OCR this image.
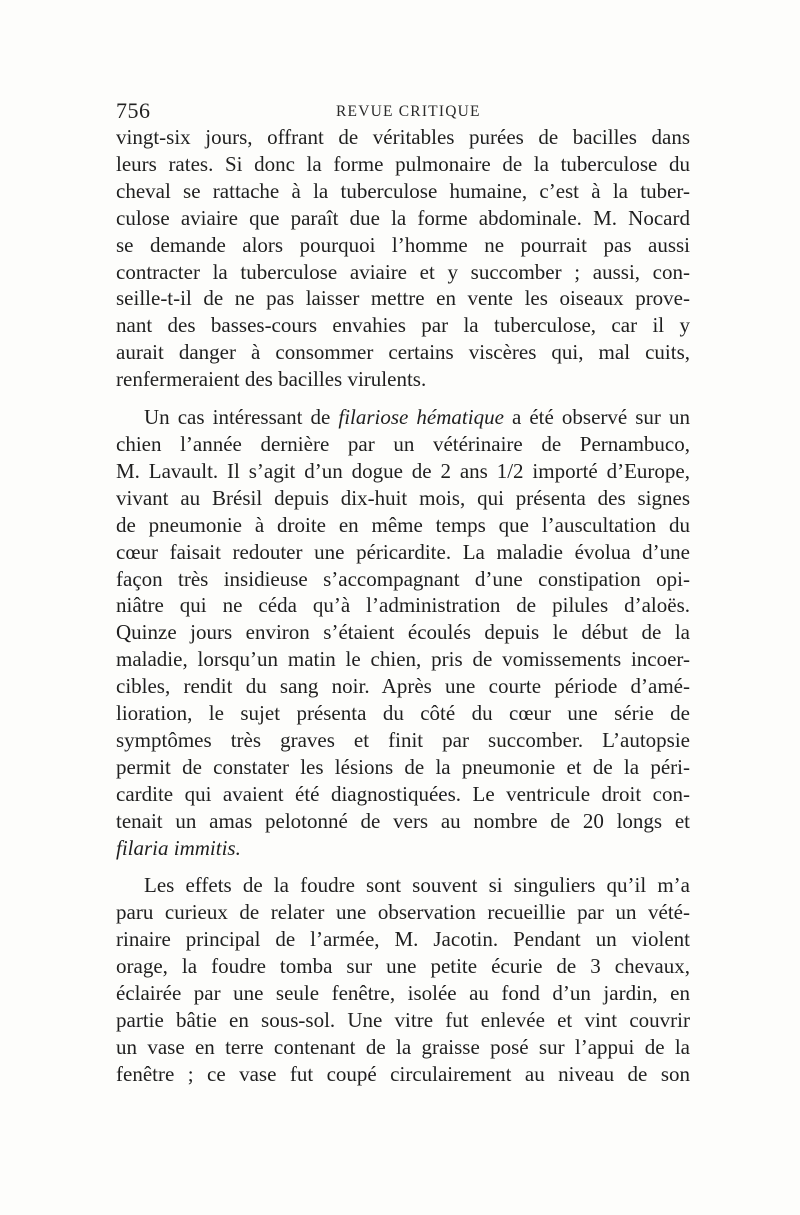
756	REVUE CRITIQUE

vingt-six jours, offrant de véritables purées de bacilles dans
leurs rates. Si donc la forme pulmonaire de la tuberculose du
cheval se rattache à la tuberculose humaine, c’est à la tuber-
culose aviaire que paraît due la forme abdominale. M. Nocard
se demande alors pourquoi l’homme ne pourrait pas aussi
contracter la tuberculose aviaire et y succomber ; aussi, con-
seille-t-il de ne pas laisser mettre en vente les oiseaux prove-
nant des basses-cours envahies par la tuberculose, car il y
aurait danger à consommer certains viscères qui, mal cuits,
renfermeraient des bacilles virulents.

Un cas intéressant de filariose hématique a été observé sur un
chien l’année dernière par un vétérinaire de Pernambuco,
M. Lavault. Il s’agit d’un dogue de 2 ans 1/2 importé d’Europe,
vivant au Brésil depuis dix-huit mois, qui présenta des signes
de pneumonie à droite en même temps que l’auscultation du
cœur faisait redouter une péricardite. La maladie évolua d’une
façon très insidieuse s’accompagnant d’une constipation opi-
niâtre qui ne céda qu’à l’administration de pilules d’aloës.
Quinze jours environ s’étaient écoulés depuis le début de la
maladie, lorsqu’un matin le chien, pris de vomissements incoer-
cibles, rendit du sang noir. Après une courte période d’amé-
lioration, le sujet présenta du côté du cœur une série de
symptômes très graves et finit par succomber. L’autopsie
permit de constater les lésions de la pneumonie et de la péri-
cardite qui avaient été diagnostiquées. Le ventricule droit con-
tenait un amas pelotonné de vers au nombre de 20 longs et
filaria immitis.

Les effets de la foudre sont souvent si singuliers qu’il m’a
paru curieux de relater une observation recueillie par un vété-
rinaire principal de l’armée, M. Jacotin. Pendant un violent
orage, la foudre tomba sur une petite écurie de 3 chevaux,
éclairée par une seule fenêtre, isolée au fond d’un jardin, en
partie bâtie en sous-sol. Une vitre fut enlevée et vint couvrir
un vase en terre contenant de la graisse posé sur l’appui de la
fenêtre ; ce vase fut coupé circulairement au niveau de son
